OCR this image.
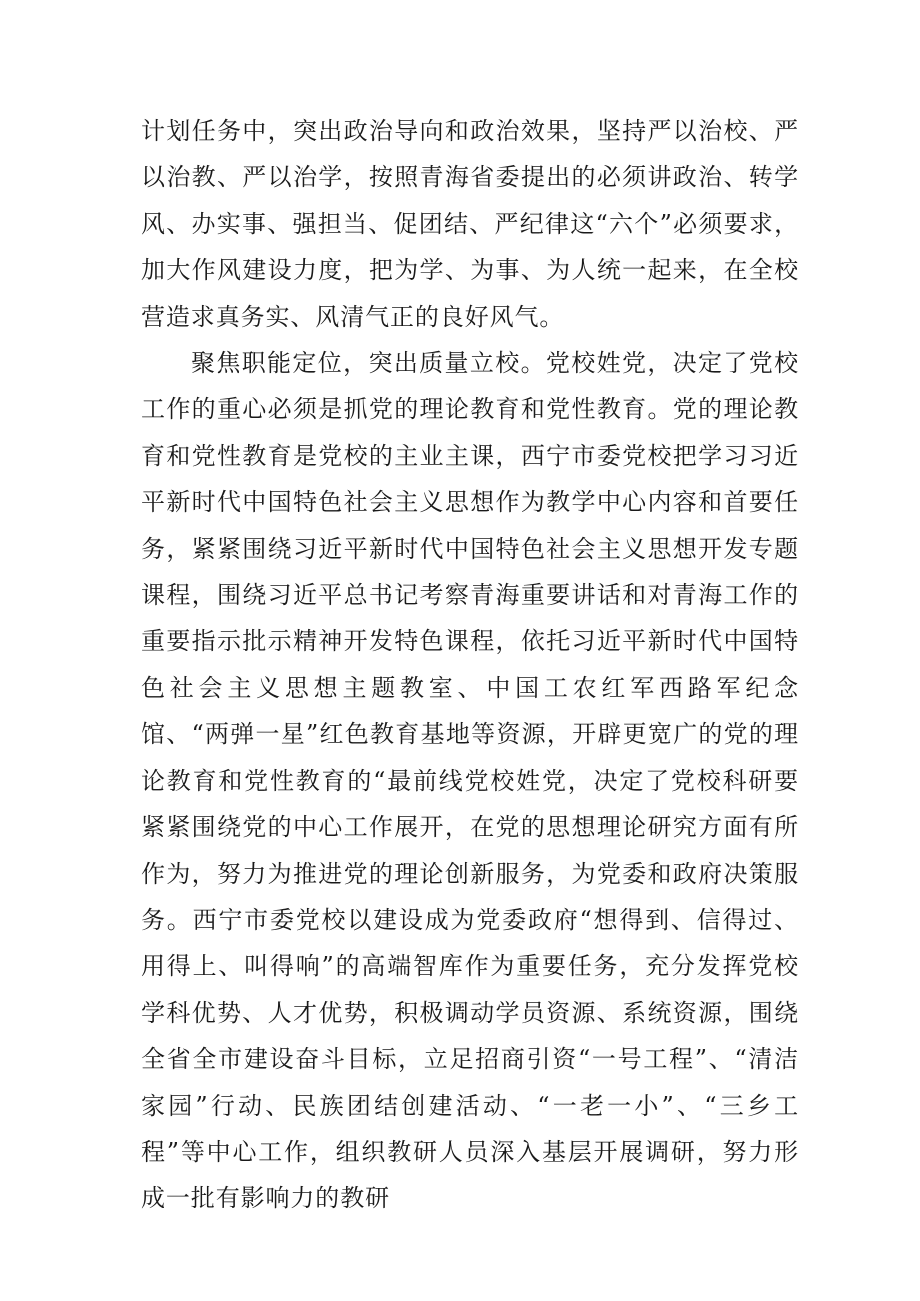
计划任务中，突出政治导向和政治效果，坚持严以治校、严以治教、严以治学，按照青海省委提出的必须讲政治、转学风、办实事、强担当、促团结、严纪律这“六个”必须要求，加大作风建设力度，把为学、为事、为人统一起来，在全校营造求真务实、风清气正的良好风气。

聚焦职能定位，突出质量立校。党校姓党，决定了党校工作的重心必须是抓党的理论教育和党性教育。党的理论教育和党性教育是党校的主业主课，西宁市委党校把学习习近平新时代中国特色社会主义思想作为教学中心内容和首要任务，紧紧围绕习近平新时代中国特色社会主义思想开发专题课程，围绕习近平总书记考察青海重要讲话和对青海工作的重要指示批示精神开发特色课程，依托习近平新时代中国特色社会主义思想主题教室、中国工农红军西路军纪念馆、“两弹一星”红色教育基地等资源，开辟更宽广的党的理论教育和党性教育的“最前线党校姓党，决定了党校科研要紧紧围绕党的中心工作展开，在党的思想理论研究方面有所作为，努力为推进党的理论创新服务，为党委和政府决策服务。西宁市委党校以建设成为党委政府“想得到、信得过、用得上、叫得响”的高端智库作为重要任务，充分发挥党校学科优势、人才优势，积极调动学员资源、系统资源，围绕全省全市建设奋斗目标，立足招商引资“一号工程”、“清洁家园”行动、民族团结创建活动、“一老一小”、“三乡工程”等中心工作，组织教研人员深入基层开展调研，努力形成一批有影响力的教研
